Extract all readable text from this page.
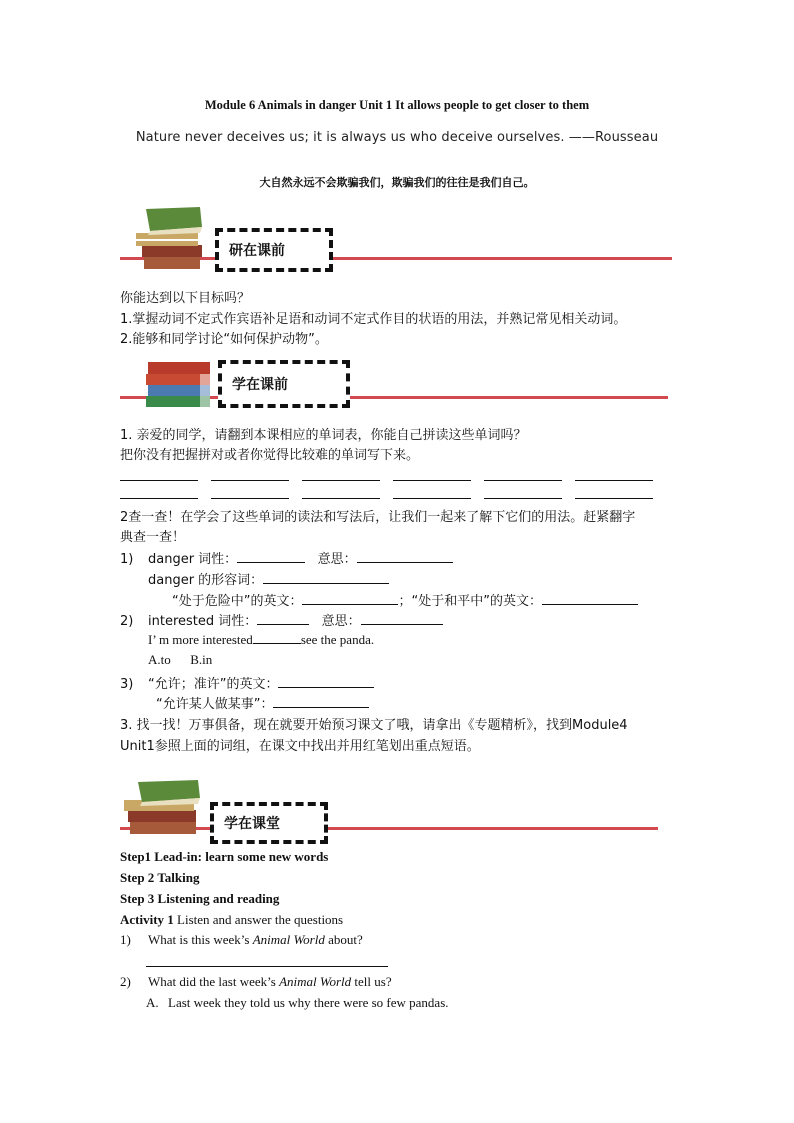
Module 6 Animals in danger Unit 1 It allows people to get closer to them
Nature never deceives us; it is always us who deceive ourselves. ——Rousseau
大自然永远不会欺骗我们，欺骗我们的往往是我们自己。
研在课前
你能达到以下目标吗？
1.掌握动词不定式作宾语补足语和动词不定式作目的状语的用法，并熟记常见相关动词。
2.能够和同学讨论“如何保护动物”。
学在课前
1. 亲爱的同学，请翻到本课相应的单词表，你能自己拼读这些单词吗？
把你没有把握拼对或者你觉得比较难的单词写下来。
2查一查！在学会了这些单词的读法和写法后，让我们一起来了解下它们的用法。赶紧翻字
典查一查！
1) danger 词性：	意思：
danger 的形容词：
“处于危险中”的英文：	；“处于和平中”的英文：
2) interested 词性：	意思：
I’ m more interested	see the panda.
A.to B.in
3) “允许；准许”的英文：
“允许某人做某事”：
3. 找一找！万事俱备，现在就要开始预习课文了哦，请拿出《专题精析》，找到Module4
Unit1参照上面的词组，在课文中找出并用红笔划出重点短语。
学在课堂
Step1 Lead-in: learn some new words
Step 2 Talking
Step 3 Listening and reading
Activity 1 Listen and answer the questions
1) What is this week’s Animal World about?
2) What did the last week’s Animal World tell us?
A. Last week they told us why there were so few pandas.
